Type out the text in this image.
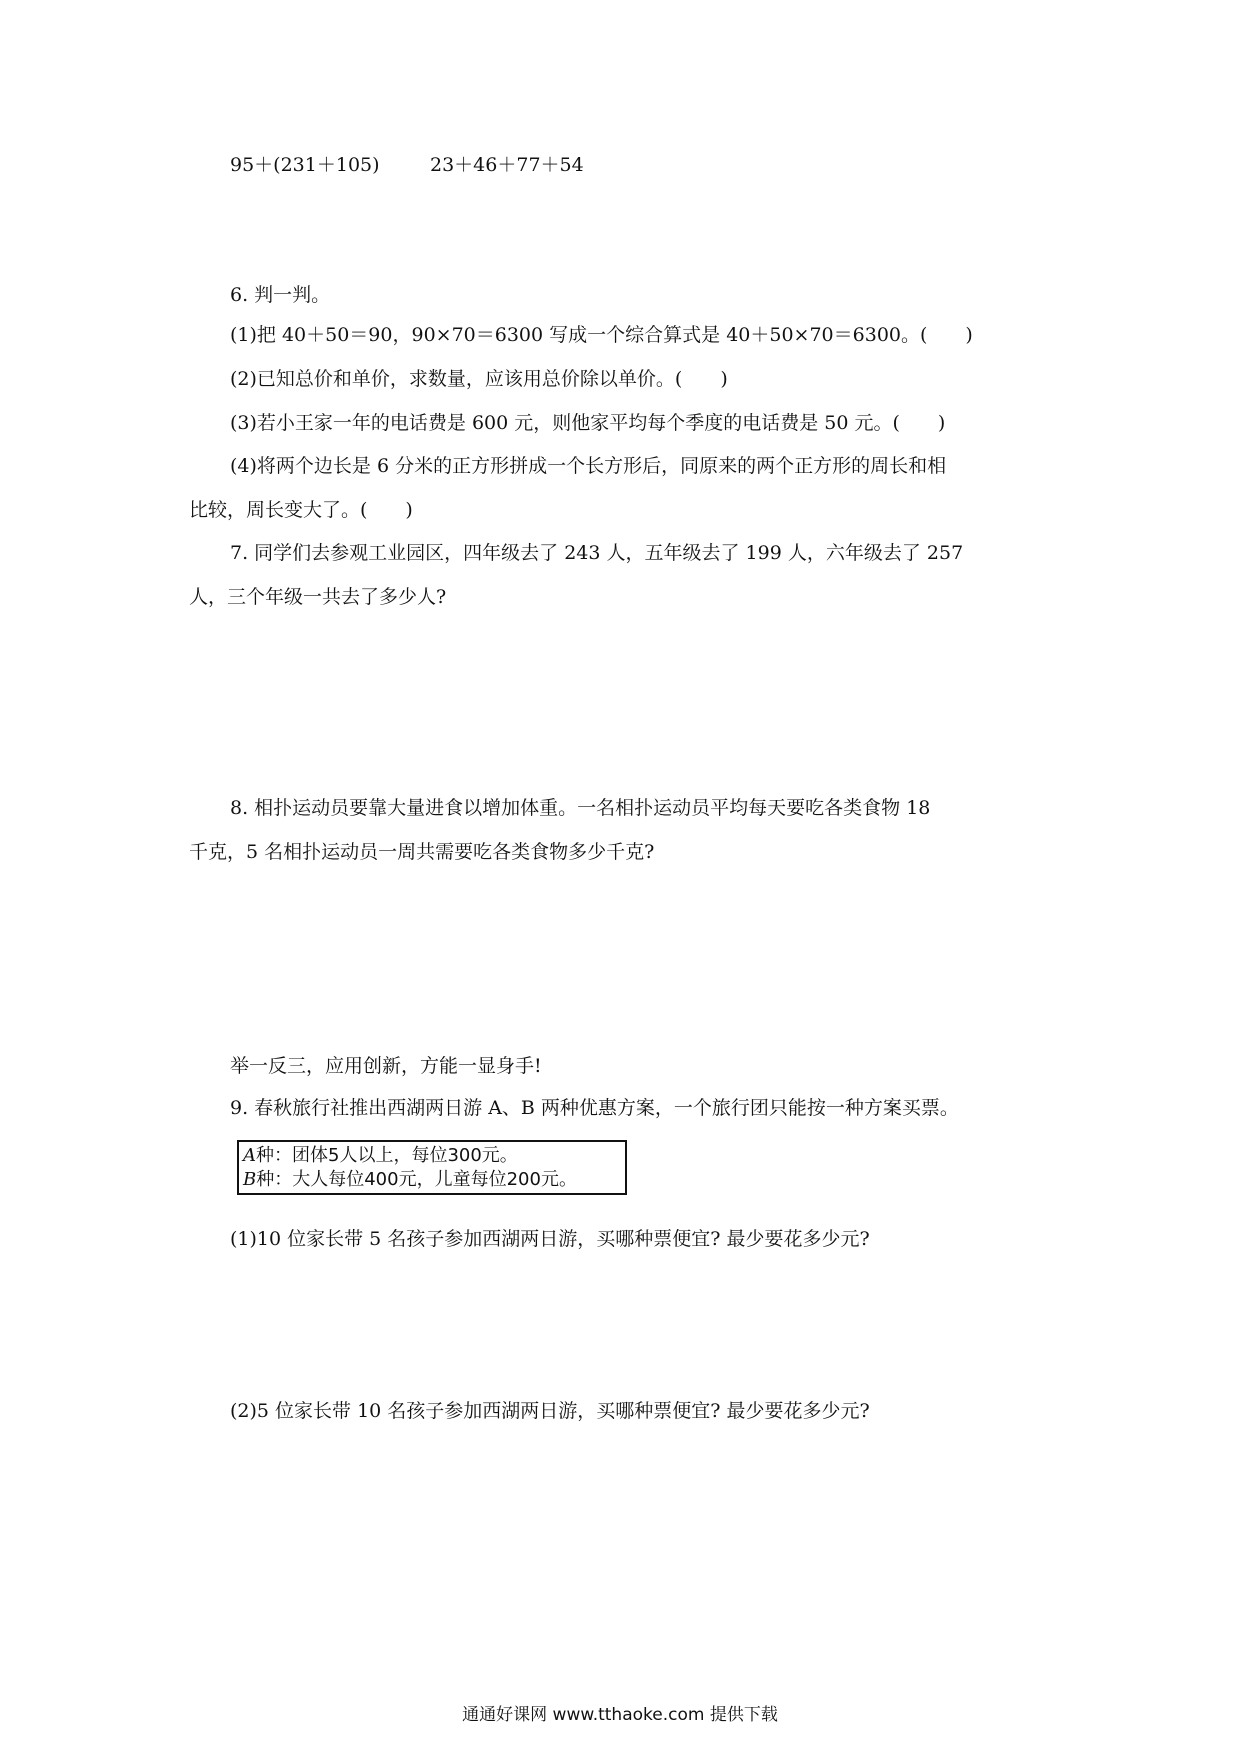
95＋(231＋105)	23＋46＋77＋54
6. 判一判。
(1)把 40＋50＝90，90×70＝6300 写成一个综合算式是 40＋50×70＝6300。(　　)
(2)已知总价和单价，求数量，应该用总价除以单价。(　　)
(3)若小王家一年的电话费是 600 元，则他家平均每个季度的电话费是 50 元。(　　)
(4)将两个边长是 6 分米的正方形拼成一个长方形后，同原来的两个正方形的周长和相
比较，周长变大了。(　　)
7. 同学们去参观工业园区，四年级去了 243 人，五年级去了 199 人，六年级去了 257
人，三个年级一共去了多少人?
8. 相扑运动员要靠大量进食以增加体重。一名相扑运动员平均每天要吃各类食物 18
千克，5 名相扑运动员一周共需要吃各类食物多少千克?
举一反三，应用创新，方能一显身手!
9. 春秋旅行社推出西湖两日游 A、B 两种优惠方案，一个旅行团只能按一种方案买票。
A种：团体5人以上，每位300元。
B种：大人每位400元，儿童每位200元。
(1)10 位家长带 5 名孩子参加西湖两日游，买哪种票便宜? 最少要花多少元?
(2)5 位家长带 10 名孩子参加西湖两日游，买哪种票便宜? 最少要花多少元?
通通好课网 www.tthaoke.com 提供下载
